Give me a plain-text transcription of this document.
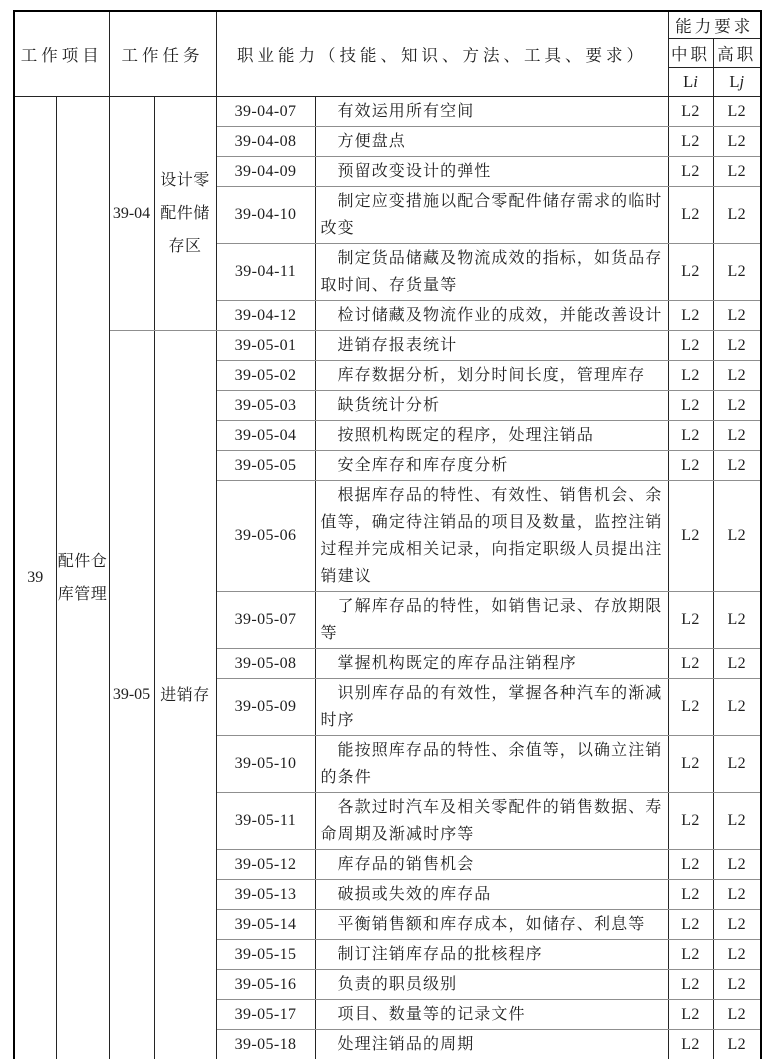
工作项目		工作任务		职业能力（技能、知识、方法、工具、要求）		能力要求	
						中职	高职
						Li	Lj
39	配件仓库管理	39-04	设计零配件储存区	39-04-07	有效运用所有空间	L2	L2
				39-04-08	方便盘点	L2	L2
				39-04-09	预留改变设计的弹性	L2	L2
				39-04-10	制定应变措施以配合零配件储存需求的临时改变	L2	L2
				39-04-11	制定货品储藏及物流成效的指标，如货品存取时间、存货量等	L2	L2
				39-04-12	检讨储藏及物流作业的成效，并能改善设计	L2	L2
		39-05	进销存	39-05-01	进销存报表统计	L2	L2
				39-05-02	库存数据分析，划分时间长度，管理库存	L2	L2
				39-05-03	缺货统计分析	L2	L2
				39-05-04	按照机构既定的程序，处理注销品	L2	L2
				39-05-05	安全库存和库存度分析	L2	L2
				39-05-06	根据库存品的特性、有效性、销售机会、余值等，确定待注销品的项目及数量，监控注销过程并完成相关记录，向指定职级人员提出注销建议	L2	L2
				39-05-07	了解库存品的特性，如销售记录、存放期限等	L2	L2
				39-05-08	掌握机构既定的库存品注销程序	L2	L2
				39-05-09	识别库存品的有效性，掌握各种汽车的渐减时序	L2	L2
				39-05-10	能按照库存品的特性、余值等，以确立注销的条件	L2	L2
				39-05-11	各款过时汽车及相关零配件的销售数据、寿命周期及渐减时序等	L2	L2
				39-05-12	库存品的销售机会	L2	L2
				39-05-13	破损或失效的库存品	L2	L2
				39-05-14	平衡销售额和库存成本，如储存、利息等	L2	L2
				39-05-15	制订注销库存品的批核程序	L2	L2
				39-05-16	负责的职员级别	L2	L2
				39-05-17	项目、数量等的记录文件	L2	L2
				39-05-18	处理注销品的周期	L2	L2
